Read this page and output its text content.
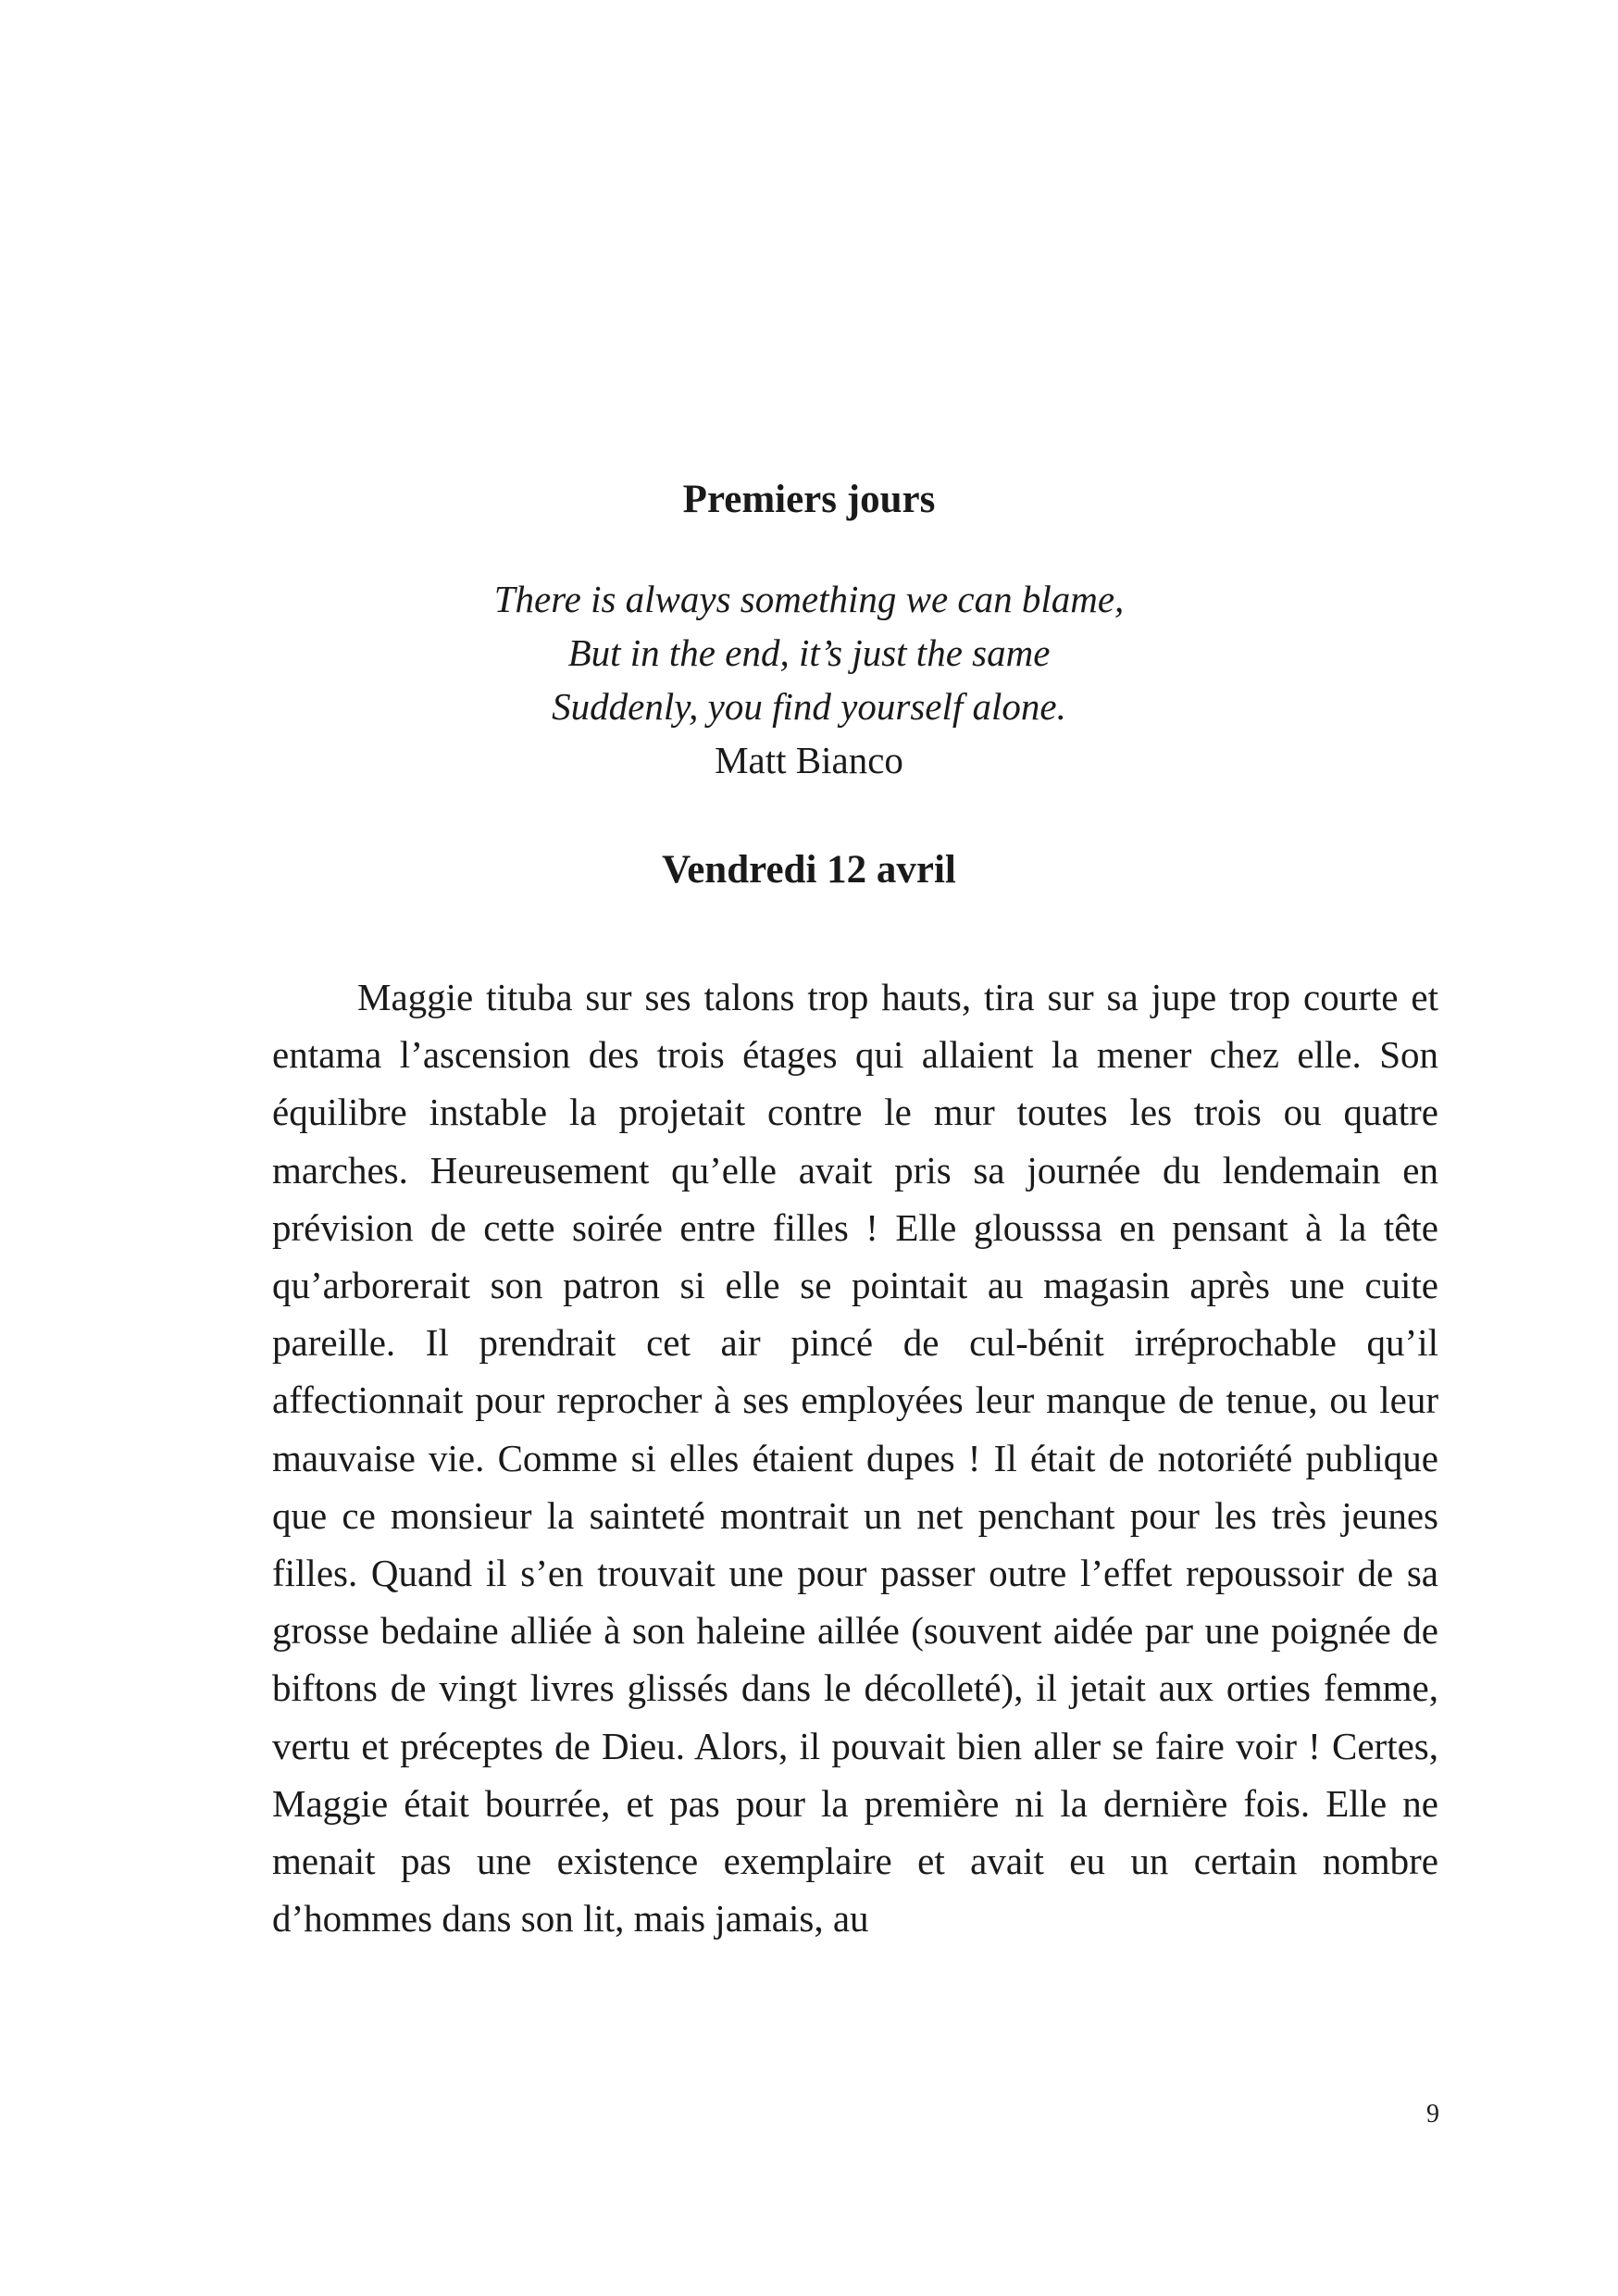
Premiers jours
There is always something we can blame,
But in the end, it’s just the same
Suddenly, you find yourself alone.
Matt Bianco
Vendredi 12 avril

Maggie tituba sur ses talons trop hauts, tira sur sa jupe trop courte et entama l’ascension des trois étages qui allaient la mener chez elle. Son équilibre instable la projetait contre le mur toutes les trois ou quatre marches. Heureusement qu’elle avait pris sa journée du lendemain en prévision de cette soirée entre filles ! Elle glousssa en pensant à la tête qu’arborerait son patron si elle se pointait au magasin après une cuite pareille. Il prendrait cet air pincé de cul-bénit irréprochable qu’il affectionnait pour reprocher à ses employées leur manque de tenue, ou leur mauvaise vie. Comme si elles étaient dupes ! Il était de notoriété publique que ce monsieur la sainteté montrait un net penchant pour les très jeunes filles. Quand il s’en trouvait une pour passer outre l’effet repoussoir de sa grosse bedaine alliée à son haleine aillée (souvent aidée par une poignée de biftons de vingt livres glissés dans le décolleté), il jetait aux orties femme, vertu et préceptes de Dieu. Alors, il pouvait bien aller se faire voir ! Certes, Maggie était bourrée, et pas pour la première ni la dernière fois. Elle ne menait pas une existence exemplaire et avait eu un certain nombre d’hommes dans son lit, mais jamais, au

9
